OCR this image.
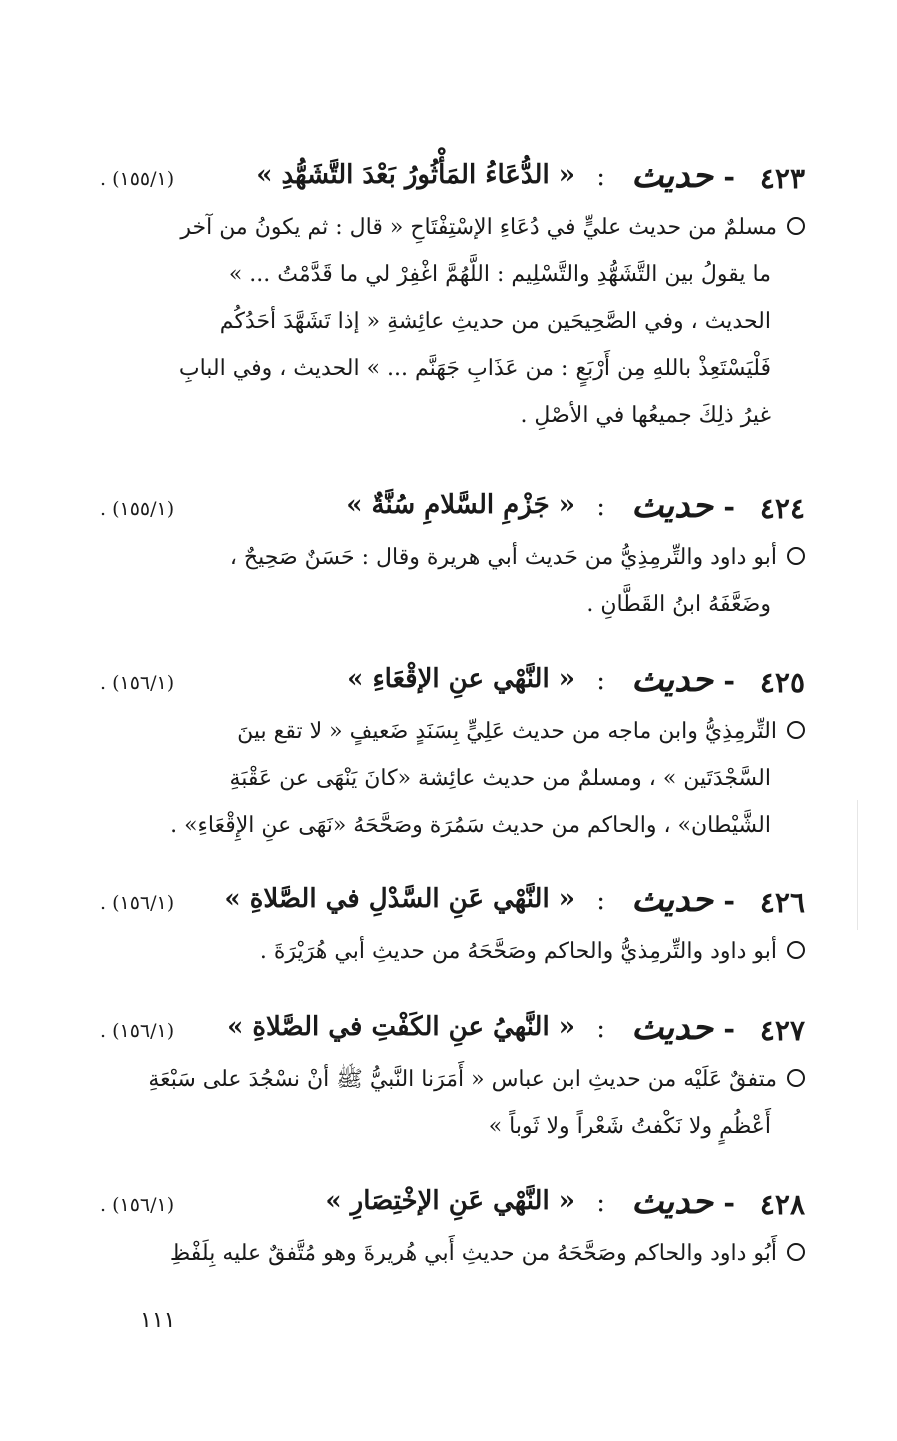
٤٢٣
-
حديث
:
« الدُّعَاءُ المَأْثُورُ بَعْدَ التَّشَهُّدِ »
(١٥٥/١) .
مسلمٌ من حديث عليٍّ في دُعَاءِ الإسْتِفْتَاحِ « قال : ثم يكونُ من آخر
ما يقولُ بين التَّشَهُّدِ والتَّسْلِيم : اللَّهُمَّ اغْفِرْ لي ما قَدَّمْتُ ... »
الحديث ، وفي الصَّحِيحَين من حديثِ عائِشةِ « إذا تَشَهَّدَ أحَدُكُم
فَلْيَسْتَعِذْ باللهِ مِن أَرْبَعٍ : من عَذَابِ جَهَنَّم ... » الحديث ، وفي البابِ
غيرُ ذلِكَ جميعُها في الأصْلِ .
٤٢٤
-
حديث
:
« جَزْمِ السَّلامِ سُنَّةٌ »
(١٥٥/١) .
أبو داود والتِّرمِذِيُّ من حَديث أبي هريرة وقال : حَسَنٌ صَحِيحٌ ،
وضَعَّفَهُ ابنُ القَطَّانِ .
٤٢٥
-
حديث
:
« النَّهْي عنِ الإقْعَاءِ »
(١٥٦/١) .
التِّرمِذِيُّ وابن ماجه من حديث عَلِيٍّ بِسَنَدٍ ضَعيفٍ « لا تقع بينَ
السَّجْدَتَين » ، ومسلمٌ من حديث عائِشة «كانَ يَنْهَى عن عَقْبَةِ
الشَّيْطان» ، والحاكم من حديث سَمُرَة وصَحَّحَهُ «نَهَى عنِ الإِقْعَاءِ» .
٤٢٦
-
حديث
:
« النَّهْي عَنِ السَّدْلِ في الصَّلاةِ »
(١٥٦/١) .
أبو داود والتِّرمِذيُّ والحاكم وصَحَّحَهُ من حديثِ أبي هُرَيْرَةَ .
٤٢٧
-
حديث
:
« النَّهيُ عنِ الكَفْتِ في الصَّلاةِ »
(١٥٦/١) .
متفقٌ عَلَيْه من حديثِ ابن عباس « أَمَرَنا النَّبيُّ ﷺ أنْ نسْجُدَ على سَبْعَةِ
أَعْظُمٍ ولا نَكْفتُ شَعْراً ولا ثَوباً »
٤٢٨
-
حديث
:
« النَّهْي عَنِ الإخْتِصَارِ »
(١٥٦/١) .
أَبُو داود والحاكم وصَحَّحَهُ من حديثِ أَبي هُريرةَ وهو مُتَّفقٌ عليه بِلَفْظِ
١١١
